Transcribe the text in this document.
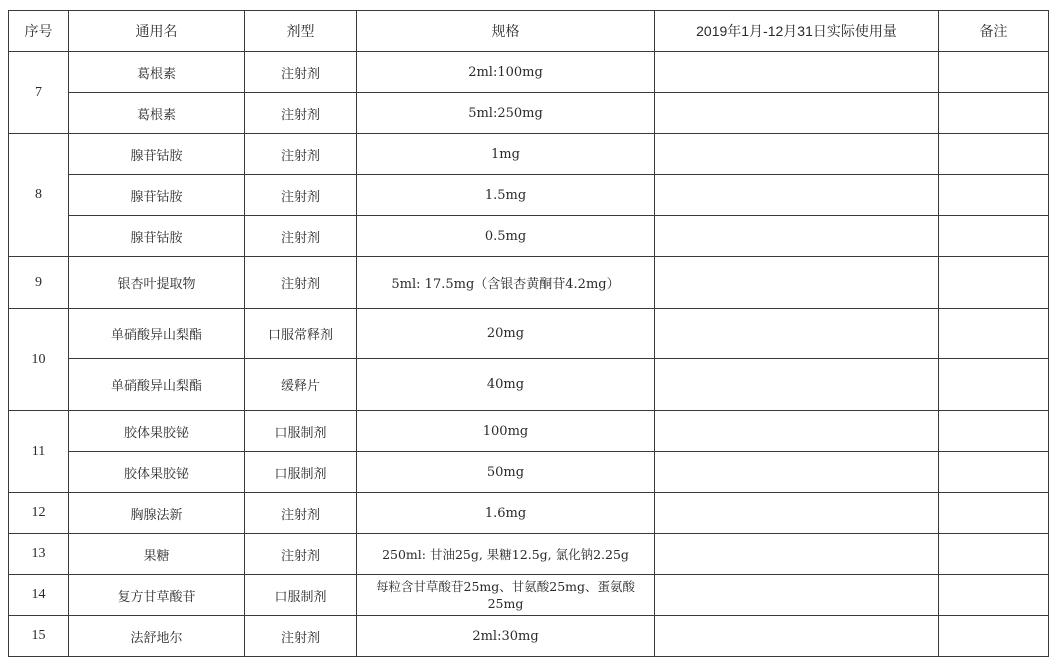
序号	通用名	剂型	规格	2019年1月-12月31日实际使用量	备注
7	葛根素	注射剂	2ml:100mg		
	葛根素	注射剂	5ml:250mg		
8	腺苷钴胺	注射剂	1mg		
	腺苷钴胺	注射剂	1.5mg		
	腺苷钴胺	注射剂	0.5mg		
9	银杏叶提取物	注射剂	5ml: 17.5mg（含银杏黄酮苷4.2mg）		
10	单硝酸异山梨酯	口服常释剂	20mg		
	单硝酸异山梨酯	缓释片	40mg		
11	胶体果胶铋	口服制剂	100mg		
	胶体果胶铋	口服制剂	50mg		
12	胸腺法新	注射剂	1.6mg		
13	果糖	注射剂	250ml: 甘油25g, 果糖12.5g, 氯化钠2.25g		
14	复方甘草酸苷	口服制剂	每粒含甘草酸苷25mg、甘氨酸25mg、蛋氨酸25mg		
15	法舒地尔	注射剂	2ml:30mg		
